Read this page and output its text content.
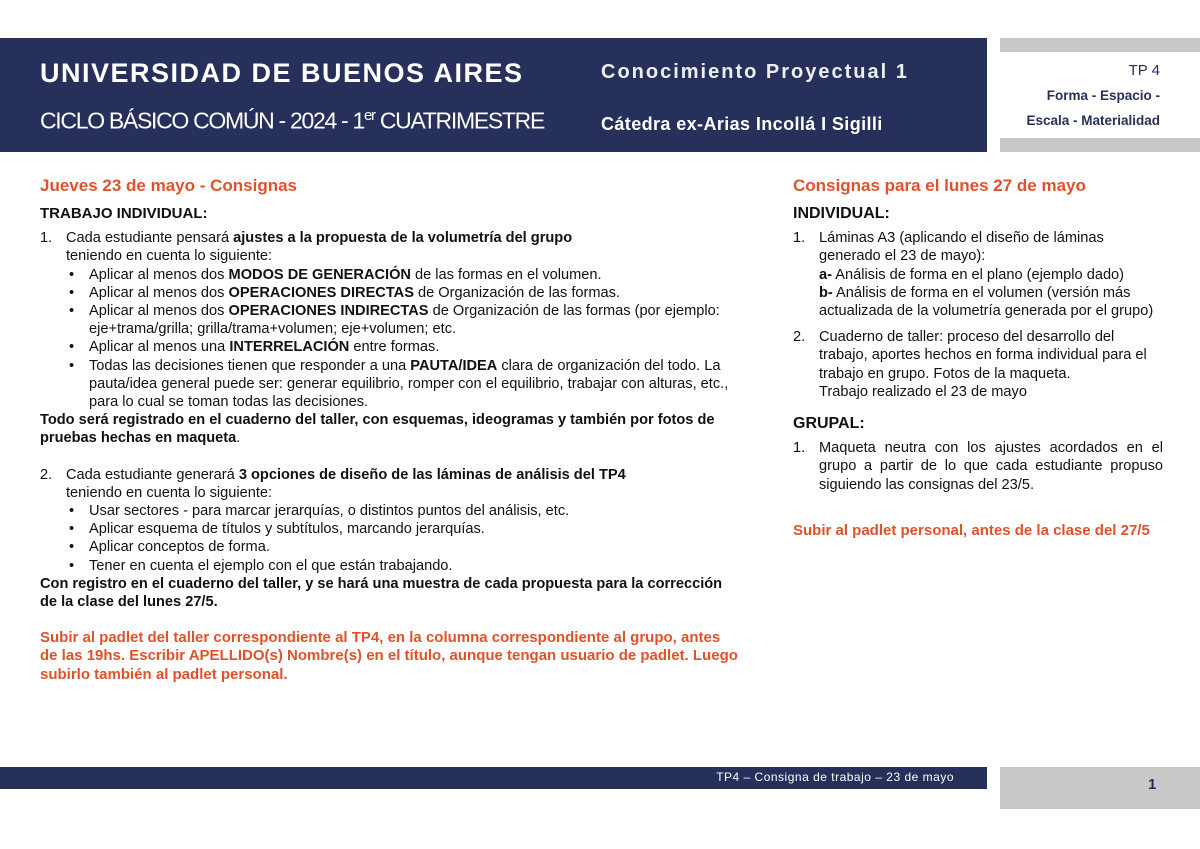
UNIVERSIDAD DE BUENOS AIRES
CICLO BÁSICO COMÚN - 2024 - 1er CUATRIMESTRE
Conocimiento Proyectual 1
Cátedra ex-Arias Incollá I Sigilli
TP 4
Forma - Espacio -
Escala - Materialidad
Jueves 23 de mayo - Consignas
TRABAJO INDIVIDUAL:
1. Cada estudiante pensará ajustes a la propuesta de la volumetría del grupo
teniendo en cuenta lo siguiente:

• Aplicar al menos dos MODOS DE GENERACIÓN de las formas en el volumen.
• Aplicar al menos dos OPERACIONES DIRECTAS de Organización de las formas.
• Aplicar al menos dos OPERACIONES INDIRECTAS de Organización de las formas (por ejemplo: eje+trama/grilla; grilla/trama+volumen; eje+volumen; etc.
• Aplicar al menos una INTERRELACIÓN entre formas.
• Todas las decisiones tienen que responder a una PAUTA/IDEA clara de organización del todo. La pauta/idea general puede ser: generar equilibrio, romper con el equilibrio, trabajar con alturas, etc., para lo cual se toman todas las decisiones.

Todo será registrado en el cuaderno del taller, con esquemas, ideogramas y también por fotos de pruebas hechas en maqueta.

2. Cada estudiante generará 3 opciones de diseño de las láminas de análisis del TP4
teniendo en cuenta lo siguiente:

• Usar sectores - para marcar jerarquías, o distintos puntos del análisis, etc.
• Aplicar esquema de títulos y subtítulos, marcando jerarquías.
• Aplicar conceptos de forma.
• Tener en cuenta el ejemplo con el que están trabajando.

Con registro en el cuaderno del taller, y se hará una muestra de cada propuesta para la corrección de la clase del lunes 27/5.

Subir al padlet del taller correspondiente al TP4, en la columna correspondiente al grupo, antes de las 19hs. Escribir APELLIDO(s) Nombre(s) en el título, aunque tengan usuario de padlet. Luego subirlo también al padlet personal.

Consignas para el lunes 27 de mayo
INDIVIDUAL:
1. Láminas A3 (aplicando el diseño de láminas generado el 23 de mayo):

a- Análisis de forma en el plano (ejemplo dado)

b- Análisis de forma en el volumen (versión más actualizada de la volumetría generada por el grupo)

2. Cuaderno de taller: proceso del desarrollo del trabajo, aportes hechos en forma individual para el trabajo en grupo. Fotos de la maqueta.

Trabajo realizado el 23 de mayo

GRUPAL:
1. Maqueta neutra con los ajustes acordados en el grupo a partir de lo que cada estudiante propuso siguiendo las consignas del 23/5.

Subir al padlet personal, antes de la clase del 27/5

TP4 – Consigna de trabajo – 23 de mayo	1
